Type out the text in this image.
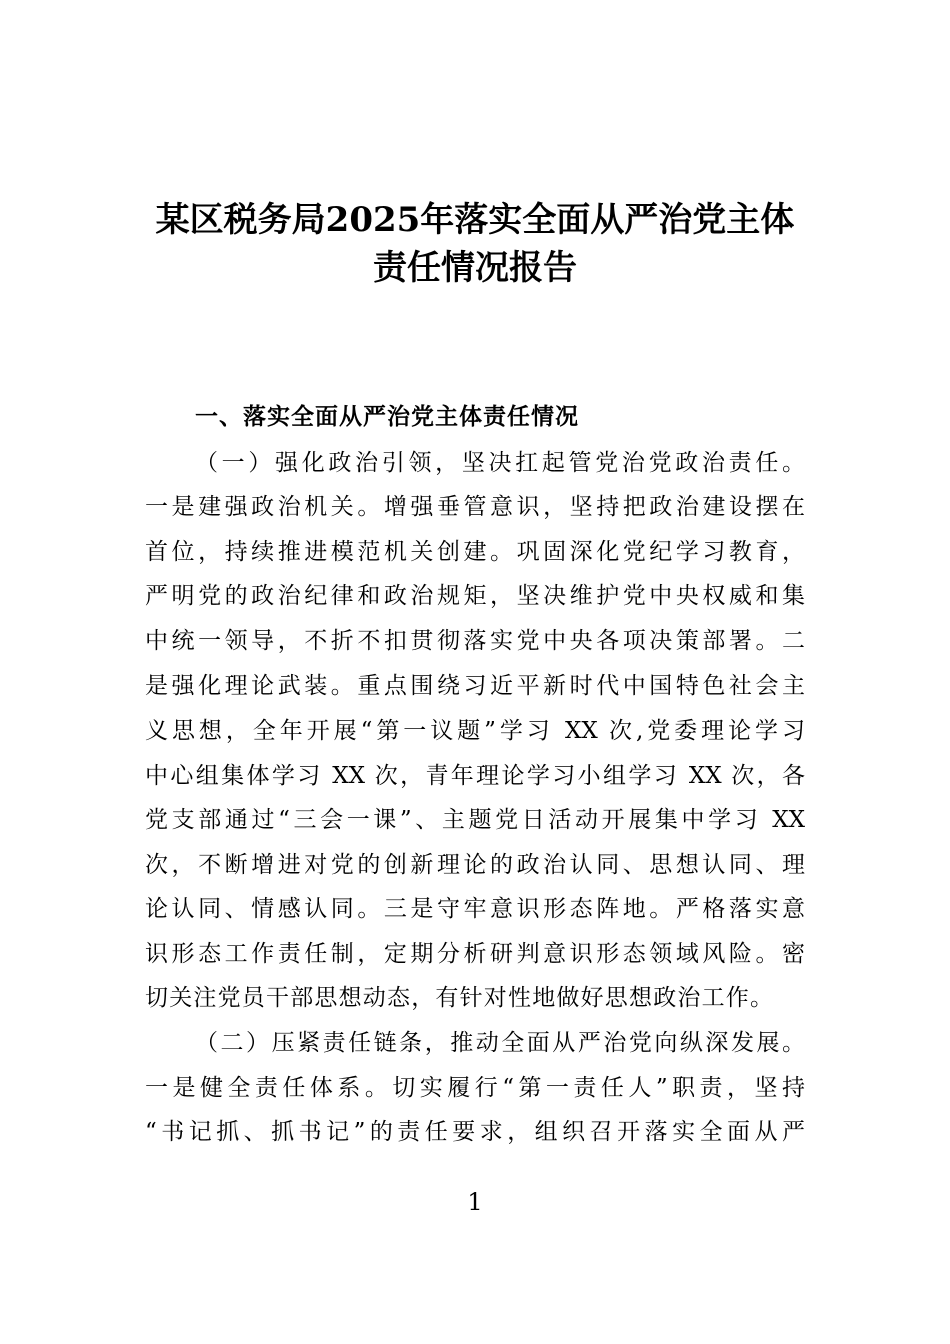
某区税务局2025年落实全面从严治党主体
责任情况报告
一、落实全面从严治党主体责任情况
（一）强化政治引领，坚决扛起管党治党政治责任。
一是建强政治机关。增强垂管意识，坚持把政治建设摆在
首位，持续推进模范机关创建。巩固深化党纪学习教育，
严明党的政治纪律和政治规矩，坚决维护党中央权威和集
中统一领导，不折不扣贯彻落实党中央各项决策部署。二
是强化理论武装。重点围绕习近平新时代中国特色社会主
义思想，全年开展“第一议题”学习 XX 次,党委理论学习
中心组集体学习 XX 次，青年理论学习小组学习 XX 次，各
党支部通过“三会一课”、主题党日活动开展集中学习 XX
次，不断增进对党的创新理论的政治认同、思想认同、理
论认同、情感认同。三是守牢意识形态阵地。严格落实意
识形态工作责任制，定期分析研判意识形态领域风险。密
切关注党员干部思想动态，有针对性地做好思想政治工作。
（二）压紧责任链条，推动全面从严治党向纵深发展。
一是健全责任体系。切实履行“第一责任人”职责，坚持
“书记抓、抓书记”的责任要求，组织召开落实全面从严
1
